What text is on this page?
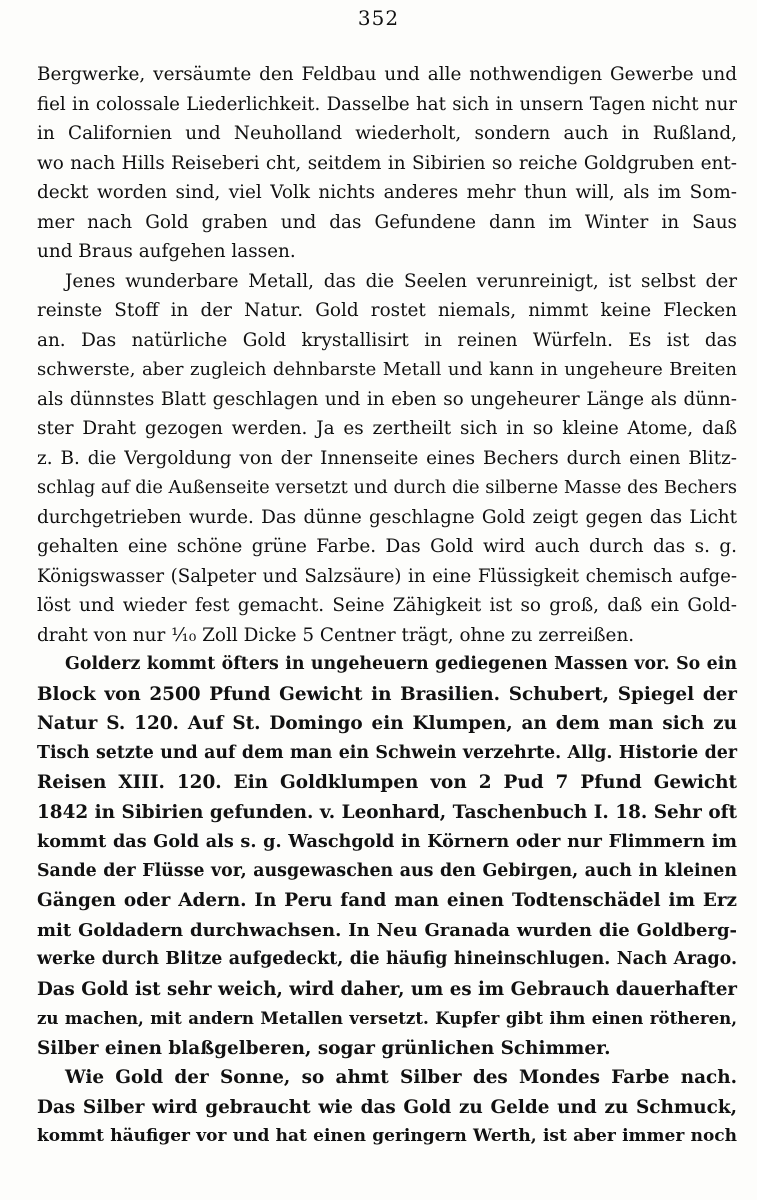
352
Bergwerke, versäumte den Feldbau und alle nothwendigen Gewerbe und
fiel in colossale Liederlichkeit. Dasselbe hat sich in unsern Tagen nicht nur
in Californien und Neuholland wiederholt, sondern auch in Rußland,
wo nach Hills Reiseberi cht, seitdem in Sibirien so reiche Goldgruben ent-
deckt worden sind, viel Volk nichts anderes mehr thun will, als im Som-
mer nach Gold graben und das Gefundene dann im Winter in Saus
und Braus aufgehen lassen.
Jenes wunderbare Metall, das die Seelen verunreinigt, ist selbst der
reinste Stoff in der Natur. Gold rostet niemals, nimmt keine Flecken
an. Das natürliche Gold krystallisirt in reinen Würfeln. Es ist das
schwerste, aber zugleich dehnbarste Metall und kann in ungeheure Breiten
als dünnstes Blatt geschlagen und in eben so ungeheurer Länge als dünn-
ster Draht gezogen werden. Ja es zertheilt sich in so kleine Atome, daß
z. B. die Vergoldung von der Innenseite eines Bechers durch einen Blitz-
schlag auf die Außenseite versetzt und durch die silberne Masse des Bechers
durchgetrieben wurde. Das dünne geschlagne Gold zeigt gegen das Licht
gehalten eine schöne grüne Farbe. Das Gold wird auch durch das s. g.
Königswasser (Salpeter und Salzsäure) in eine Flüssigkeit chemisch aufge-
löst und wieder fest gemacht. Seine Zähigkeit ist so groß, daß ein Gold-
draht von nur ¹⁄₁₀ Zoll Dicke 5 Centner trägt, ohne zu zerreißen.
Golderz kommt öfters in ungeheuern gediegenen Massen vor. So ein
Block von 2500 Pfund Gewicht in Brasilien. Schubert, Spiegel der
Natur S. 120. Auf St. Domingo ein Klumpen, an dem man sich zu
Tisch setzte und auf dem man ein Schwein verzehrte. Allg. Historie der
Reisen XIII. 120. Ein Goldklumpen von 2 Pud 7 Pfund Gewicht
1842 in Sibirien gefunden. v. Leonhard, Taschenbuch I. 18. Sehr oft
kommt das Gold als s. g. Waschgold in Körnern oder nur Flimmern im
Sande der Flüsse vor, ausgewaschen aus den Gebirgen, auch in kleinen
Gängen oder Adern. In Peru fand man einen Todtenschädel im Erz
mit Goldadern durchwachsen. In Neu Granada wurden die Goldberg-
werke durch Blitze aufgedeckt, die häufig hineinschlugen. Nach Arago.
Das Gold ist sehr weich, wird daher, um es im Gebrauch dauerhafter
zu machen, mit andern Metallen versetzt. Kupfer gibt ihm einen rötheren,
Silber einen blaßgelberen, sogar grünlichen Schimmer.
Wie Gold der Sonne, so ahmt Silber des Mondes Farbe nach.
Das Silber wird gebraucht wie das Gold zu Gelde und zu Schmuck,
kommt häufiger vor und hat einen geringern Werth, ist aber immer noch
